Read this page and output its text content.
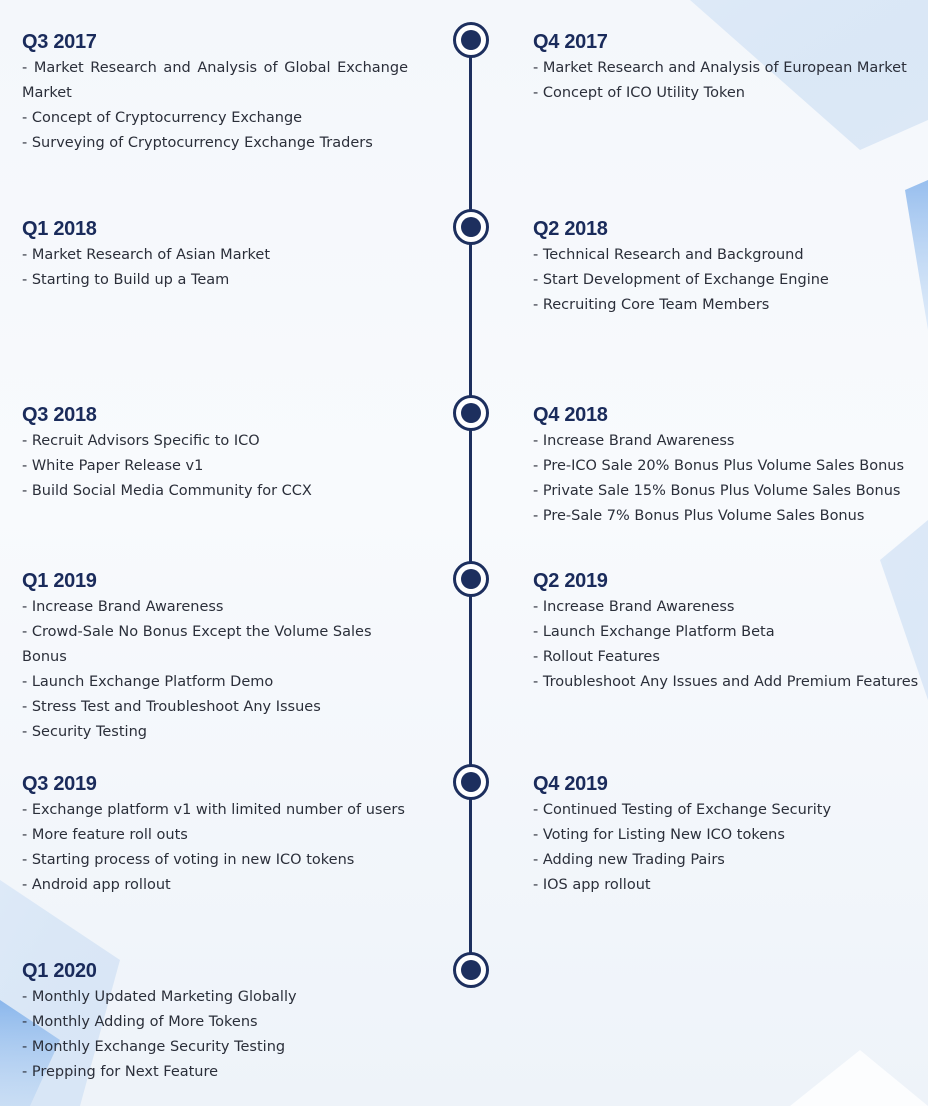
Q3 2017
- Market Research and Analysis of Global Exchange Market
- Concept of Cryptocurrency Exchange
- Surveying of Cryptocurrency Exchange Traders
Q4 2017
- Market Research and Analysis of European Market
- Concept of ICO Utility Token
Q1 2018
- Market Research of Asian Market
- Starting to Build up a Team
Q2 2018
- Technical Research and Background
- Start Development of Exchange Engine
- Recruiting Core Team Members
Q3 2018
- Recruit Advisors Specific to ICO
- White Paper Release v1
- Build Social Media Community for CCX
Q4 2018
- Increase Brand Awareness
- Pre-ICO Sale 20% Bonus Plus Volume Sales Bonus
- Private Sale 15% Bonus Plus Volume Sales Bonus
- Pre-Sale 7% Bonus Plus Volume Sales Bonus
Q1 2019
- Increase Brand Awareness
- Crowd-Sale No Bonus Except the Volume Sales Bonus
- Launch Exchange Platform Demo
- Stress Test and Troubleshoot Any Issues
- Security Testing
Q2 2019
- Increase Brand Awareness
- Launch Exchange Platform Beta
- Rollout Features
- Troubleshoot Any Issues and Add Premium Features
Q3 2019
- Exchange platform v1 with limited number of users
- More feature roll outs
- Starting process of voting in new ICO tokens
- Android app rollout
Q4 2019
- Continued Testing of Exchange Security
- Voting for Listing New ICO tokens
- Adding new Trading Pairs
- IOS app rollout
Q1 2020
- Monthly Updated Marketing Globally
- Monthly Adding of More Tokens
- Monthly Exchange Security Testing
- Prepping for Next Feature
